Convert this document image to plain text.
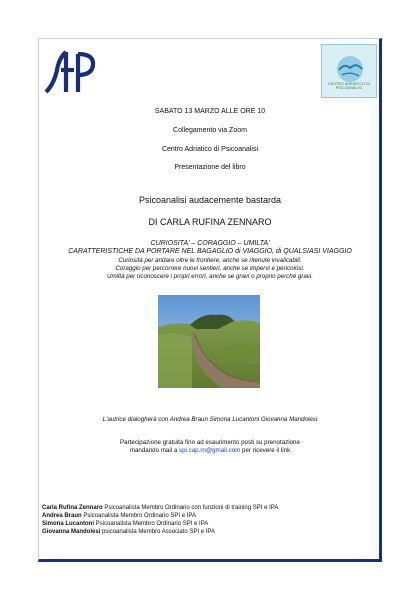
CENTRO ADRIATICO DI PSICOANALISI
SABATO 13 MARZO ALLE ORE 10
Collegamento via Zoom
Centro Adriatico di Psicoanalisi
Presentazione del libro
Psicoanalisi audacemente bastarda
DI CARLA RUFINA ZENNARO
CURIOSITA' – CORAGGIO – UMILTA'
CARATTERISTICHE DA PORTARE NEL BAGAGLIO di VIAGGIO, di QUALSIASI VIAGGIO
Curiosità per andare oltre le frontiere, anche se ritenute invalicabili.
Coraggio per percorrere nuovi sentieri, anche se impervi e pericolosi.
Umiltà per riconoscere i propri errori, anche se gravi o proprio perché gravi.
L'autrice dialogherà con Andrea Braun Simona Lucantoni Giovanna Mandolesi
Partecipazione gratuita fino ad esaurimento posti su prenotazione
mandando mail a spi.cap.rn@gmail.com per ricevere il link
Carla Rufina Zennaro Psicoanalista Membro Ordinario con funzioni di training SPI e IPA
Andrea Braun Psicoanalista Membro Ordinario SPI e IPA
Simona Lucantoni Psicoanalista Membro Ordinario SPI e IPA
Giovanna Mandolesi psicoanalista Membro Associato SPI e IPA
